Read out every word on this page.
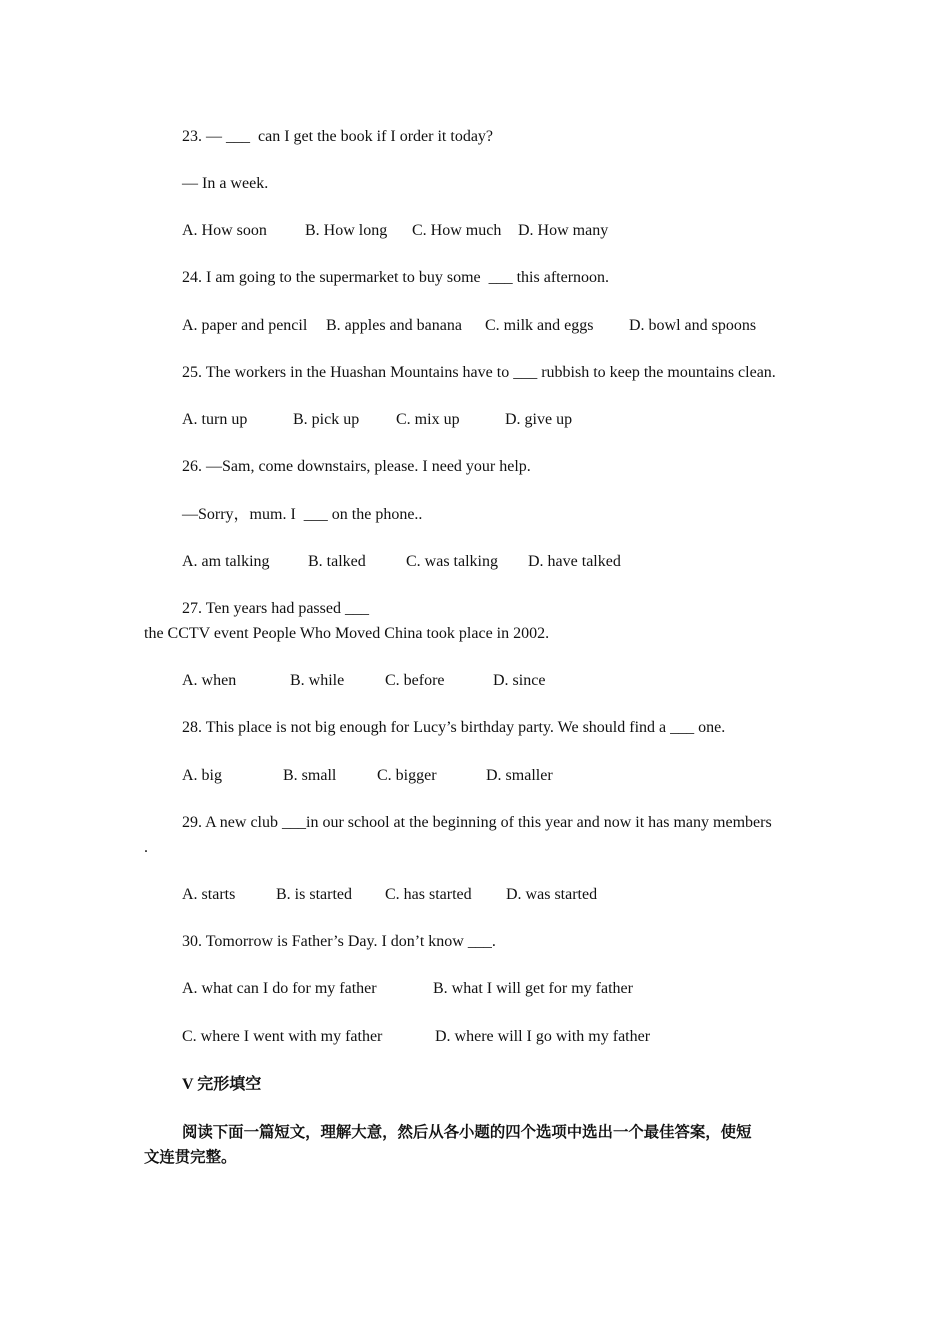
23. — ___  can I get the book if I order it today?
— In a week.
A. How soon B. How long C. How much D. How many
24. I am going to the supermarket to buy some  ___ this afternoon.
A. paper and pencil B. apples and banana C. milk and eggs D. bowl and spoons
25. The workers in the Huashan Mountains have to ___ rubbish to keep the mountains clean.
A. turn up	B. pick up C. mix up	D. give up
26. —Sam, come downstairs, please. I need your help.
—Sorry，mum. I  ___ on the phone..
A. am talking B. talked	C. was talking D. have talked
27. Ten years had passed ___
the CCTV event People Who Moved China took place in 2002.
A. when	B. while	C. before	D. since
28. This place is not big enough for Lucy’s birthday party. We should find a ___ one.
A. big	B. small	C. bigger	D. smaller
29. A new club ___in our school at the beginning of this year and now it has many members
.
A. starts	B. is started C. has started D. was started
30. Tomorrow is Father’s Day. I don’t know ___.
A. what can I do for my father	B. what I will get for my father
C. where I went with my father	D. where will I go with my father
V 完形填空
阅读下面一篇短文，理解大意，然后从各小题的四个选项中选出一个最佳答案，使短
文连贯完整。
